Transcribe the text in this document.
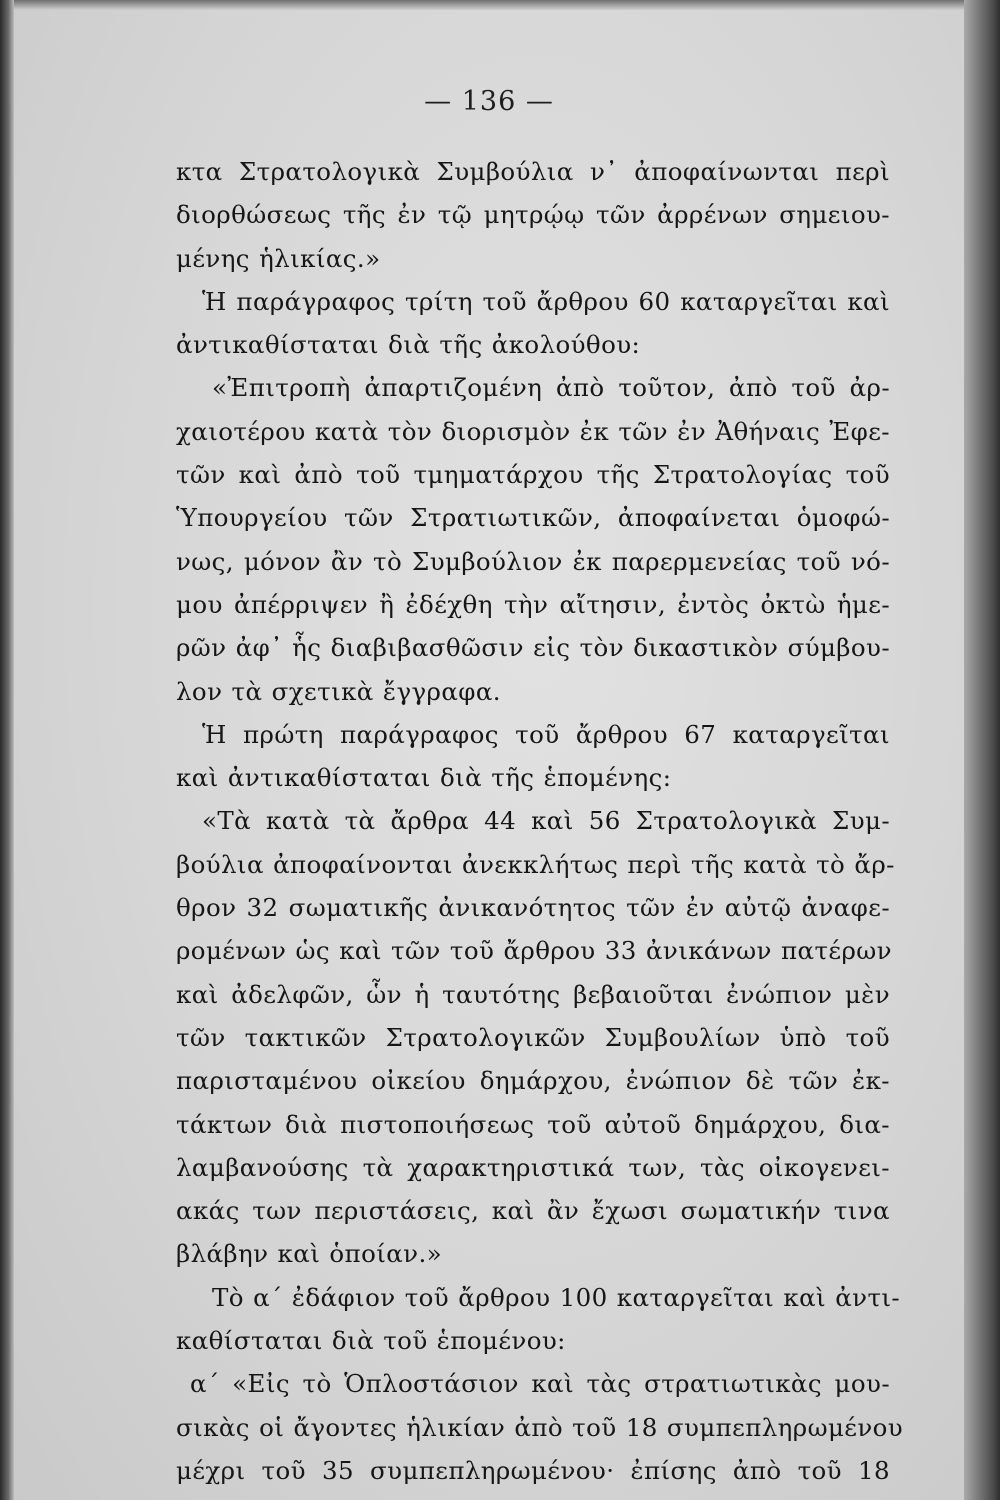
— 136 —
κτα Στρατολογικὰ Συμβούλια ν᾽ ἀποφαίνωνται περὶ
διορθώσεως τῆς ἐν τῷ μητρῴῳ τῶν ἀρρένων σημειου-
μένης ἡλικίας.»
Ἡ παράγραφος τρίτη τοῦ ἄρθρου 60 καταργεῖται καὶ
ἀντικαθίσταται διὰ τῆς ἀκολούθου:
«Ἐπιτροπὴ ἀπαρτιζομένη ἀπὸ τοῦτον, ἀπὸ τοῦ ἀρ-
χαιοτέρου κατὰ τὸν διορισμὸν ἐκ τῶν ἐν Ἀθήναις Ἐφε-
τῶν καὶ ἀπὸ τοῦ τμηματάρχου τῆς Στρατολογίας τοῦ
Ὑπουργείου τῶν Στρατιωτικῶν, ἀποφαίνεται ὁμοφώ-
νως, μόνον ἂν τὸ Συμβούλιον ἐκ παρερμενείας τοῦ νό-
μου ἀπέρριψεν ἢ ἐδέχθη τὴν αἴτησιν, ἐντὸς ὀκτὼ ἡμε-
ρῶν ἀφ᾽ ἧς διαβιβασθῶσιν εἰς τὸν δικαστικὸν σύμβου-
λον τὰ σχετικὰ ἔγγραφα.
Ἡ πρώτη παράγραφος τοῦ ἄρθρου 67 καταργεῖται
καὶ ἀντικαθίσταται διὰ τῆς ἑπομένης:
«Τὰ κατὰ τὰ ἄρθρα 44 καὶ 56 Στρατολογικὰ Συμ-
βούλια ἀποφαίνονται ἀνεκκλήτως περὶ τῆς κατὰ τὸ ἄρ-
θρον 32 σωματικῆς ἀνικανότητος τῶν ἐν αὐτῷ ἀναφε-
ρομένων ὡς καὶ τῶν τοῦ ἄρθρου 33 ἀνικάνων πατέρων
καὶ ἀδελφῶν, ὧν ἡ ταυτότης βεβαιοῦται ἐνώπιον μὲν
τῶν τακτικῶν Στρατολογικῶν Συμβουλίων ὑπὸ τοῦ
παρισταμένου οἰκείου δημάρχου, ἐνώπιον δὲ τῶν ἐκ-
τάκτων διὰ πιστοποιήσεως τοῦ αὐτοῦ δημάρχου, δια-
λαμβανούσης τὰ χαρακτηριστικά των, τὰς οἰκογενει-
ακάς των περιστάσεις, καὶ ἂν ἔχωσι σωματικήν τινα
βλάβην καὶ ὁποίαν.»
Τὸ α΄ ἐδάφιον τοῦ ἄρθρου 100 καταργεῖται καὶ ἀντι-
καθίσταται διὰ τοῦ ἑπομένου:
α΄ «Εἰς τὸ Ὁπλοστάσιον καὶ τὰς στρατιωτικὰς μου-
σικὰς οἱ ἄγοντες ἡλικίαν ἀπὸ τοῦ 18 συμπεπληρωμένου
μέχρι τοῦ 35 συμπεπληρωμένου· ἐπίσης ἀπὸ τοῦ 18
